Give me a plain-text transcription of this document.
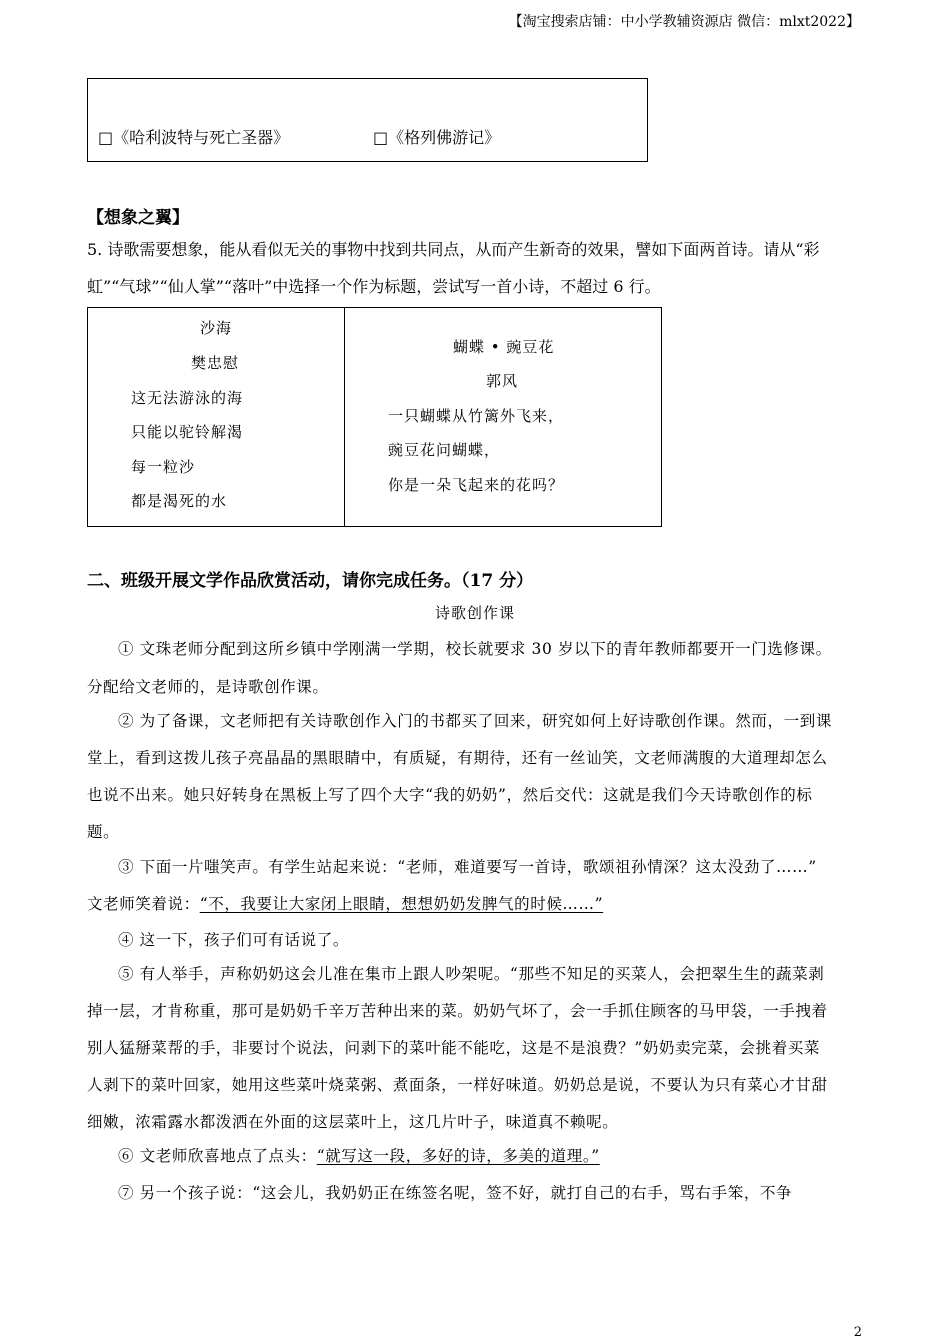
【淘宝搜索店铺：中小学教辅资源店 微信：mlxt2022】
□《哈利波特与死亡圣器》	□《格列佛游记》
【想象之翼】
5. 诗歌需要想象，能从看似无关的事物中找到共同点，从而产生新奇的效果，譬如下面两首诗。请从“彩
虹”“气球”“仙人掌”“落叶”中选择一个作为标题，尝试写一首小诗，不超过 6 行。
沙海
樊忠慰
这无法游泳的海
只能以驼铃解渴
每一粒沙
都是渴死的水
蝴蝶 • 豌豆花
郭风
一只蝴蝶从竹篱外飞来，
豌豆花问蝴蝶，
你是一朵飞起来的花吗？
二、班级开展文学作品欣赏活动，请你完成任务。（17 分）
诗歌创作课
① 文珠老师分配到这所乡镇中学刚满一学期，校长就要求 30 岁以下的青年教师都要开一门选修课。
分配给文老师的，是诗歌创作课。
② 为了备课，文老师把有关诗歌创作入门的书都买了回来，研究如何上好诗歌创作课。然而，一到课
堂上，看到这拨儿孩子亮晶晶的黑眼睛中，有质疑，有期待，还有一丝讪笑，文老师满腹的大道理却怎么
也说不出来。她只好转身在黑板上写了四个大字“我的奶奶”，然后交代：这就是我们今天诗歌创作的标
题。
③ 下面一片嗤笑声。有学生站起来说：“老师，难道要写一首诗，歌颂祖孙情深？这太没劲了……”
文老师笑着说：“不，我要让大家闭上眼睛，想想奶奶发脾气的时候……”
④ 这一下，孩子们可有话说了。
⑤ 有人举手，声称奶奶这会儿准在集市上跟人吵架呢。“那些不知足的买菜人，会把翠生生的蔬菜剥
掉一层，才肯称重，那可是奶奶千辛万苦种出来的菜。奶奶气坏了，会一手抓住顾客的马甲袋，一手拽着
别人猛掰菜帮的手，非要讨个说法，问剥下的菜叶能不能吃，这是不是浪费？”奶奶卖完菜，会挑着买菜
人剥下的菜叶回家，她用这些菜叶烧菜粥、煮面条，一样好味道。奶奶总是说，不要认为只有菜心才甘甜
细嫩，浓霜露水都泼洒在外面的这层菜叶上，这几片叶子，味道真不赖呢。
⑥ 文老师欣喜地点了点头：“就写这一段，多好的诗，多美的道理。”
⑦ 另一个孩子说：“这会儿，我奶奶正在练签名呢，签不好，就打自己的右手，骂右手笨，不争
2
